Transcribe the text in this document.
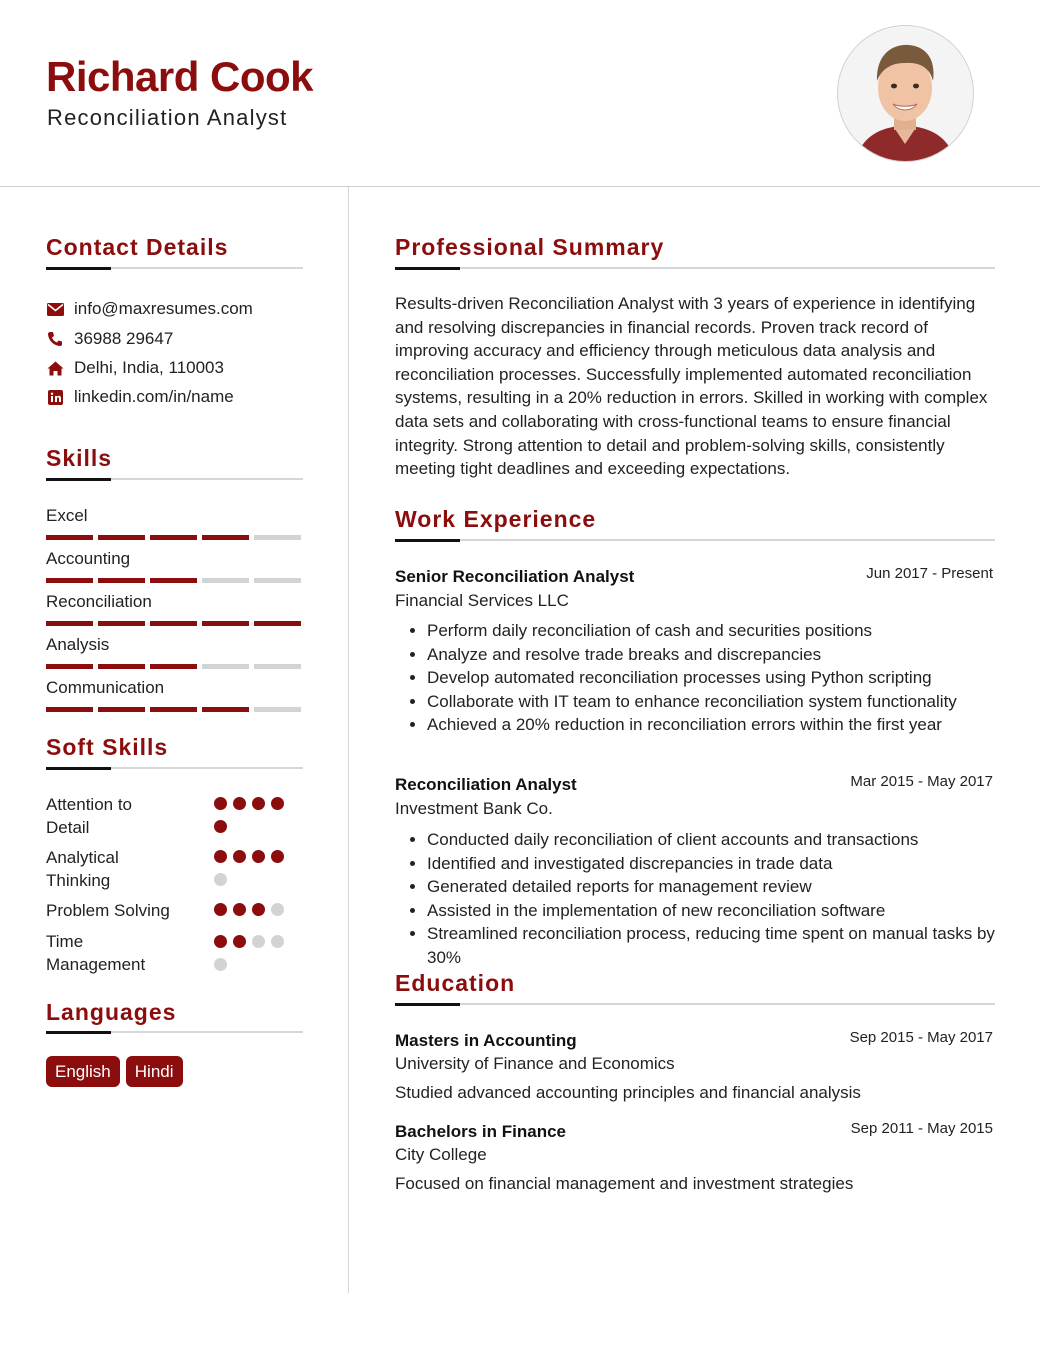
Richard Cook
Reconciliation Analyst
Contact Details
info@maxresumes.com
36988 29647
Delhi, India, 110003
linkedin.com/in/name
Skills
Excel
Accounting
Reconciliation
Analysis
Communication
Soft Skills
Attention to Detail
Analytical Thinking
Problem Solving
Time Management
Languages
English	Hindi
Professional Summary

Results-driven Reconciliation Analyst with 3 years of experience in identifying and resolving discrepancies in financial records. Proven track record of improving accuracy and efficiency through meticulous data analysis and reconciliation processes. Successfully implemented automated reconciliation systems, resulting in a 20% reduction in errors. Skilled in working with complex data sets and collaborating with cross-functional teams to ensure financial integrity. Strong attention to detail and problem-solving skills, consistently meeting tight deadlines and exceeding expectations.

Work Experience
Senior Reconciliation Analyst	Jun 2017 - Present
Financial Services LLC
• Perform daily reconciliation of cash and securities positions
• Analyze and resolve trade breaks and discrepancies
• Develop automated reconciliation processes using Python scripting
• Collaborate with IT team to enhance reconciliation system functionality
• Achieved a 20% reduction in reconciliation errors within the first year
Reconciliation Analyst	Mar 2015 - May 2017
Investment Bank Co.
• Conducted daily reconciliation of client accounts and transactions
• Identified and investigated discrepancies in trade data
• Generated detailed reports for management review
• Assisted in the implementation of new reconciliation software
• Streamlined reconciliation process, reducing time spent on manual tasks by 30%
Education
Masters in Accounting	Sep 2015 - May 2017
University of Finance and Economics
Studied advanced accounting principles and financial analysis
Bachelors in Finance	Sep 2011 - May 2015
City College
Focused on financial management and investment strategies
